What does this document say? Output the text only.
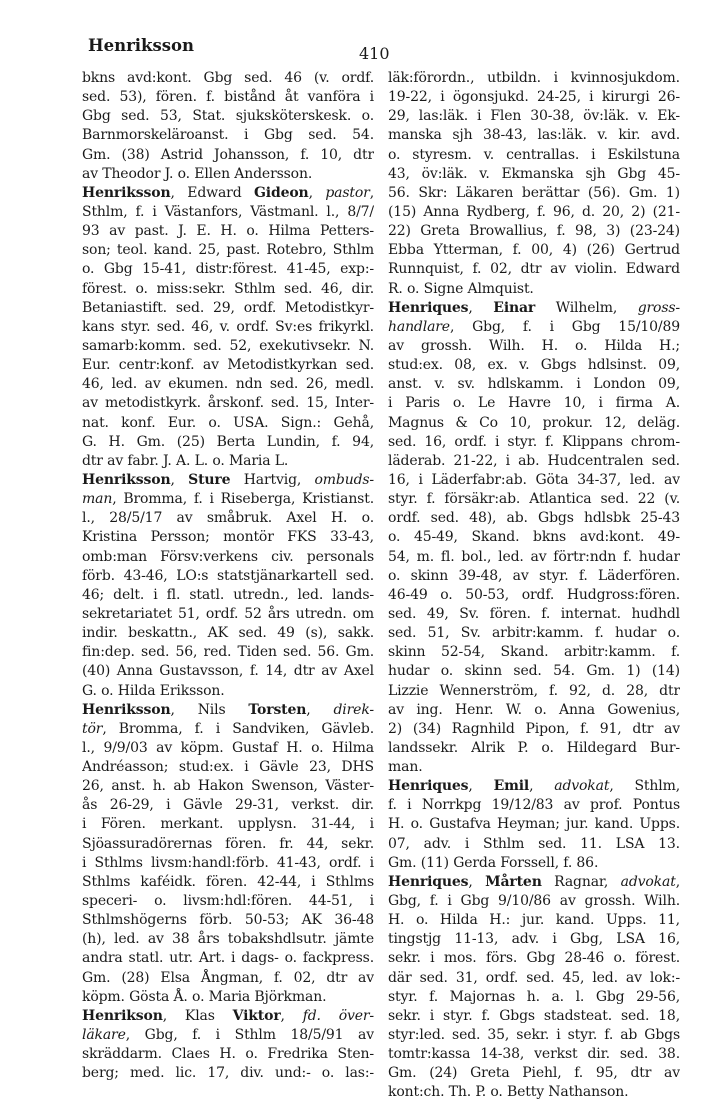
Henriksson	410
bkns avd:kont. Gbg sed. 46 (v. ordf.
sed. 53), fören. f. bistånd åt vanföra i
Gbg sed. 53, Stat. sjuksköterskesk. o.
Barnmorskeläroanst. i Gbg sed. 54.
Gm. (38) Astrid Johansson, f. 10, dtr
av Theodor J. o. Ellen Andersson.
Henriksson, Edward Gideon, pastor,
Sthlm, f. i Västanfors, Västmanl. l., 8/7/
93 av past. J. E. H. o. Hilma Petters-
son; teol. kand. 25, past. Rotebro, Sthlm
o. Gbg 15-41, distr:förest. 41-45, exp:-
förest. o. miss:sekr. Sthlm sed. 46, dir.
Betaniastift. sed. 29, ordf. Metodistkyr-
kans styr. sed. 46, v. ordf. Sv:es frikyrkl.
samarb:komm. sed. 52, exekutivsekr. N.
Eur. centr:konf. av Metodistkyrkan sed.
46, led. av ekumen. ndn sed. 26, medl.
av metodistkyrk. årskonf. sed. 15, Inter-
nat. konf. Eur. o. USA. Sign.: Gehå,
G. H. Gm. (25) Berta Lundin, f. 94,
dtr av fabr. J. A. L. o. Maria L.
Henriksson, Sture Hartvig, ombuds-
man, Bromma, f. i Riseberga, Kristianst.
l., 28/5/17 av småbruk. Axel H. o.
Kristina Persson; montör FKS 33-43,
omb:man Försv:verkens civ. personals
förb. 43-46, LO:s statstjänarkartell sed.
46; delt. i fl. statl. utredn., led. lands-
sekretariatet 51, ordf. 52 års utredn. om
indir. beskattn., AK sed. 49 (s), sakk.
fin:dep. sed. 56, red. Tiden sed. 56. Gm.
(40) Anna Gustavsson, f. 14, dtr av Axel
G. o. Hilda Eriksson.
Henriksson, Nils Torsten, direk-
tör, Bromma, f. i Sandviken, Gävleb.
l., 9/9/03 av köpm. Gustaf H. o. Hilma
Andréasson; stud:ex. i Gävle 23, DHS
26, anst. h. ab Hakon Swenson, Väster-
ås 26-29, i Gävle 29-31, verkst. dir.
i Fören. merkant. upplysn. 31-44, i
Sjöassuradörernas fören. fr. 44, sekr.
i Sthlms livsm:handl:förb. 41-43, ordf. i
Sthlms kaféidk. fören. 42-44, i Sthlms
speceri- o. livsm:hdl:fören. 44-51, i
Sthlmshögerns förb. 50-53; AK 36-48
(h), led. av 38 års tobakshdlsutr. jämte
andra statl. utr. Art. i dags- o. fackpress.
Gm. (28) Elsa Ångman, f. 02, dtr av
köpm. Gösta Å. o. Maria Björkman.
Henrikson, Klas Viktor, fd. över-
läkare, Gbg, f. i Sthlm 18/5/91 av
skräddarm. Claes H. o. Fredrika Sten-
berg; med. lic. 17, div. und:- o. las:-
läk:förordn., utbildn. i kvinnosjukdom.
19-22, i ögonsjukd. 24-25, i kirurgi 26-
29, las:läk. i Flen 30-38, öv:läk. v. Ek-
manska sjh 38-43, las:läk. v. kir. avd.
o. styresm. v. centrallas. i Eskilstuna
43, öv:läk. v. Ekmanska sjh Gbg 45-
56. Skr: Läkaren berättar (56). Gm. 1)
(15) Anna Rydberg, f. 96, d. 20, 2) (21-
22) Greta Browallius, f. 98, 3) (23-24)
Ebba Ytterman, f. 00, 4) (26) Gertrud
Runnquist, f. 02, dtr av violin. Edward
R. o. Signe Almquist.
Henriques, Einar Wilhelm, gross-
handlare, Gbg, f. i Gbg 15/10/89
av grossh. Wilh. H. o. Hilda H.;
stud:ex. 08, ex. v. Gbgs hdlsinst. 09,
anst. v. sv. hdlskamm. i London 09,
i Paris o. Le Havre 10, i firma A.
Magnus & Co 10, prokur. 12, deläg.
sed. 16, ordf. i styr. f. Klippans chrom-
läderab. 21-22, i ab. Hudcentralen sed.
16, i Läderfabr:ab. Göta 34-37, led. av
styr. f. försäkr:ab. Atlantica sed. 22 (v.
ordf. sed. 48), ab. Gbgs hdlsbk 25-43
o. 45-49, Skand. bkns avd:kont. 49-
54, m. fl. bol., led. av förtr:ndn f. hudar
o. skinn 39-48, av styr. f. Läderfören.
46-49 o. 50-53, ordf. Hudgross:fören.
sed. 49, Sv. fören. f. internat. hudhdl
sed. 51, Sv. arbitr:kamm. f. hudar o.
skinn 52-54, Skand. arbitr:kamm. f.
hudar o. skinn sed. 54. Gm. 1) (14)
Lizzie Wennerström, f. 92, d. 28, dtr
av ing. Henr. W. o. Anna Gowenius,
2) (34) Ragnhild Pipon, f. 91, dtr av
landssekr. Alrik P. o. Hildegard Bur-
man.
Henriques, Emil, advokat, Sthlm,
f. i Norrkpg 19/12/83 av prof. Pontus
H. o. Gustafva Heyman; jur. kand. Upps.
07, adv. i Sthlm sed. 11. LSA 13.
Gm. (11) Gerda Forssell, f. 86.
Henriques, Mårten Ragnar, advokat,
Gbg, f. i Gbg 9/10/86 av grossh. Wilh.
H. o. Hilda H.: jur. kand. Upps. 11,
tingstjg 11-13, adv. i Gbg, LSA 16,
sekr. i mos. förs. Gbg 28-46 o. förest.
där sed. 31, ordf. sed. 45, led. av lok:-
styr. f. Majornas h. a. l. Gbg 29-56,
sekr. i styr. f. Gbgs stadsteat. sed. 18,
styr:led. sed. 35, sekr. i styr. f. ab Gbgs
tomtr:kassa 14-38, verkst dir. sed. 38.
Gm. (24) Greta Piehl, f. 95, dtr av
kont:ch. Th. P. o. Betty Nathanson.
